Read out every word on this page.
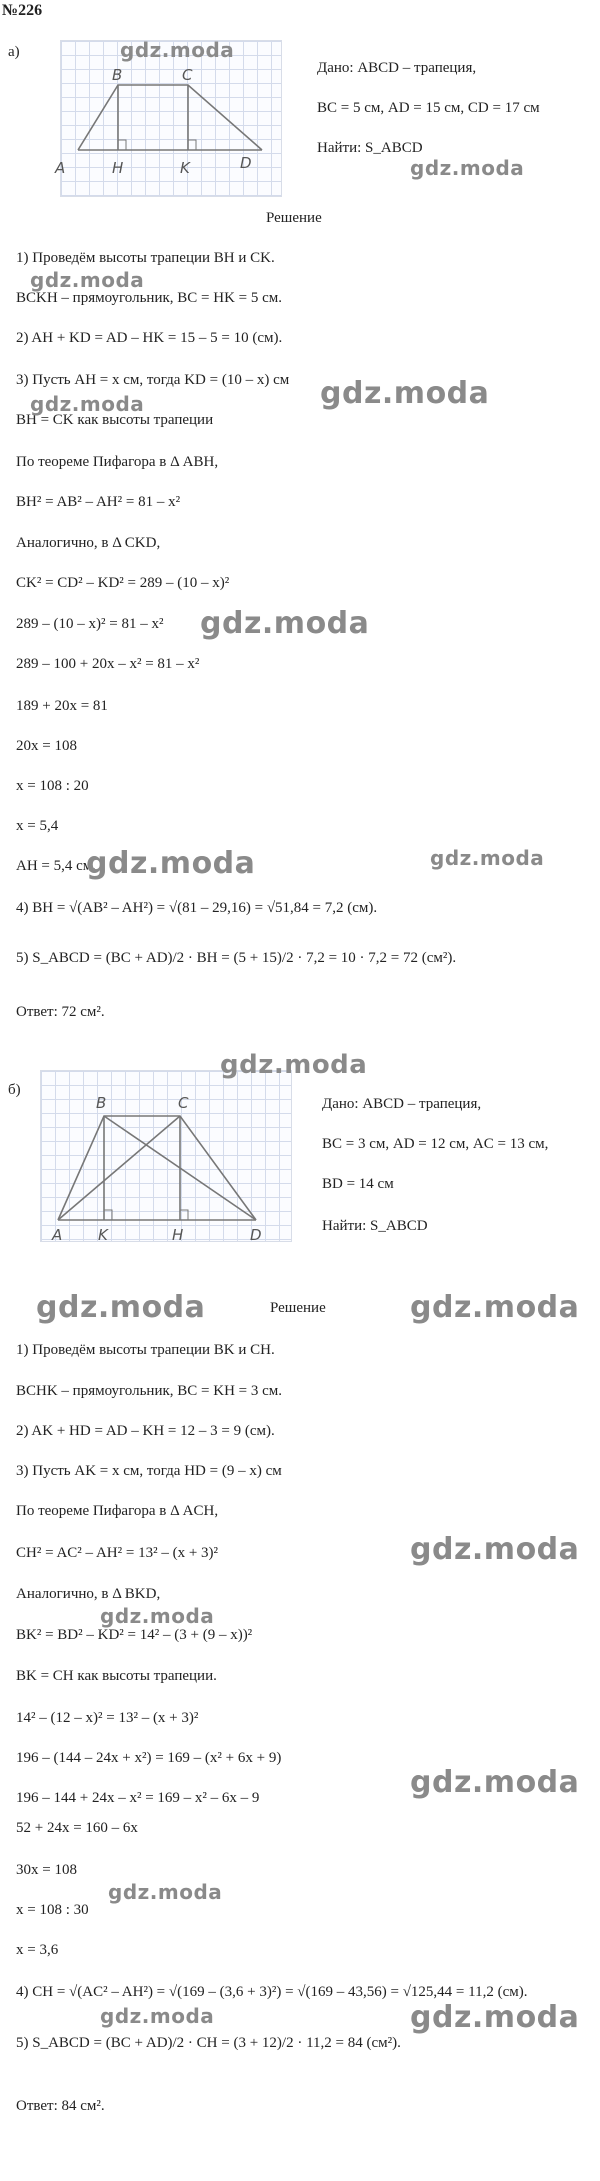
№226
а)
B	C
A	H	K	D
Дано: ABCD – трапеция,
BC = 5 см, AD = 15 см, CD = 17 см
Найти: S_ABCD
Решение
1) Проведём высоты трапеции BH и CK.
BCKH – прямоугольник, BC = HK = 5 см.
2) AH + KD = AD – HK = 15 – 5 = 10 (см).
3) Пусть AH = x см, тогда KD = (10 – x) см
BH = CK как высоты трапеции
По теореме Пифагора в Δ ABH,
BH² = AB² – AH² = 81 – x²
Аналогично, в Δ CKD,
CK² = CD² – KD² = 289 – (10 – x)²
289 – (10 – x)² = 81 – x²
289 – 100 + 20x – x² = 81 – x²
189 + 20x = 81
20x = 108
x = 108 : 20
x = 5,4
AH = 5,4 см.
4) BH = √(AB² – AH²) = √(81 – 29,16) = √51,84 = 7,2 (см).
5) S_ABCD = (BC + AD)/2 · BH = (5 + 15)/2 · 7,2 = 10 · 7,2 = 72 (см²).
Ответ: 72 см².
б)
B	C
A K	H	D
Дано: ABCD – трапеция,
BC = 3 см, AD = 12 см, AC = 13 см,
BD = 14 см
Найти: S_ABCD
Решение
1) Проведём высоты трапеции BK и CH.
BCHK – прямоугольник, BC = KH = 3 см.
2) AK + HD = AD – KH = 12 – 3 = 9 (см).
3) Пусть AK = x см, тогда HD = (9 – x) см
По теореме Пифагора в Δ ACH,
CH² = AC² – AH² = 13² – (x + 3)²
Аналогично, в Δ BKD,
BK² = BD² – KD² = 14² – (3 + (9 – x))²
BK = CH как высоты трапеции.
14² – (12 – x)² = 13² – (x + 3)²
196 – (144 – 24x + x²) = 169 – (x² + 6x + 9)
196 – 144 + 24x – x² = 169 – x² – 6x – 9
52 + 24x = 160 – 6x
30x = 108
x = 108 : 30
x = 3,6
4) CH = √(AC² – AH²) = √(169 – (3,6 + 3)²) = √(169 – 43,56) = √125,44 = 11,2 (см).
5) S_ABCD = (BC + AD)/2 · CH = (3 + 12)/2 · 11,2 = 84 (см²).
Ответ: 84 см².
gdz.moda
gdz.moda
gdz.moda
gdz.moda
gdz.moda
gdz.moda
gdz.moda	gdz.moda
gdz.moda
gdz.moda	gdz.moda
gdz.moda
gdz.moda
gdz.moda
gdz.moda
gdz.moda	gdz.moda
